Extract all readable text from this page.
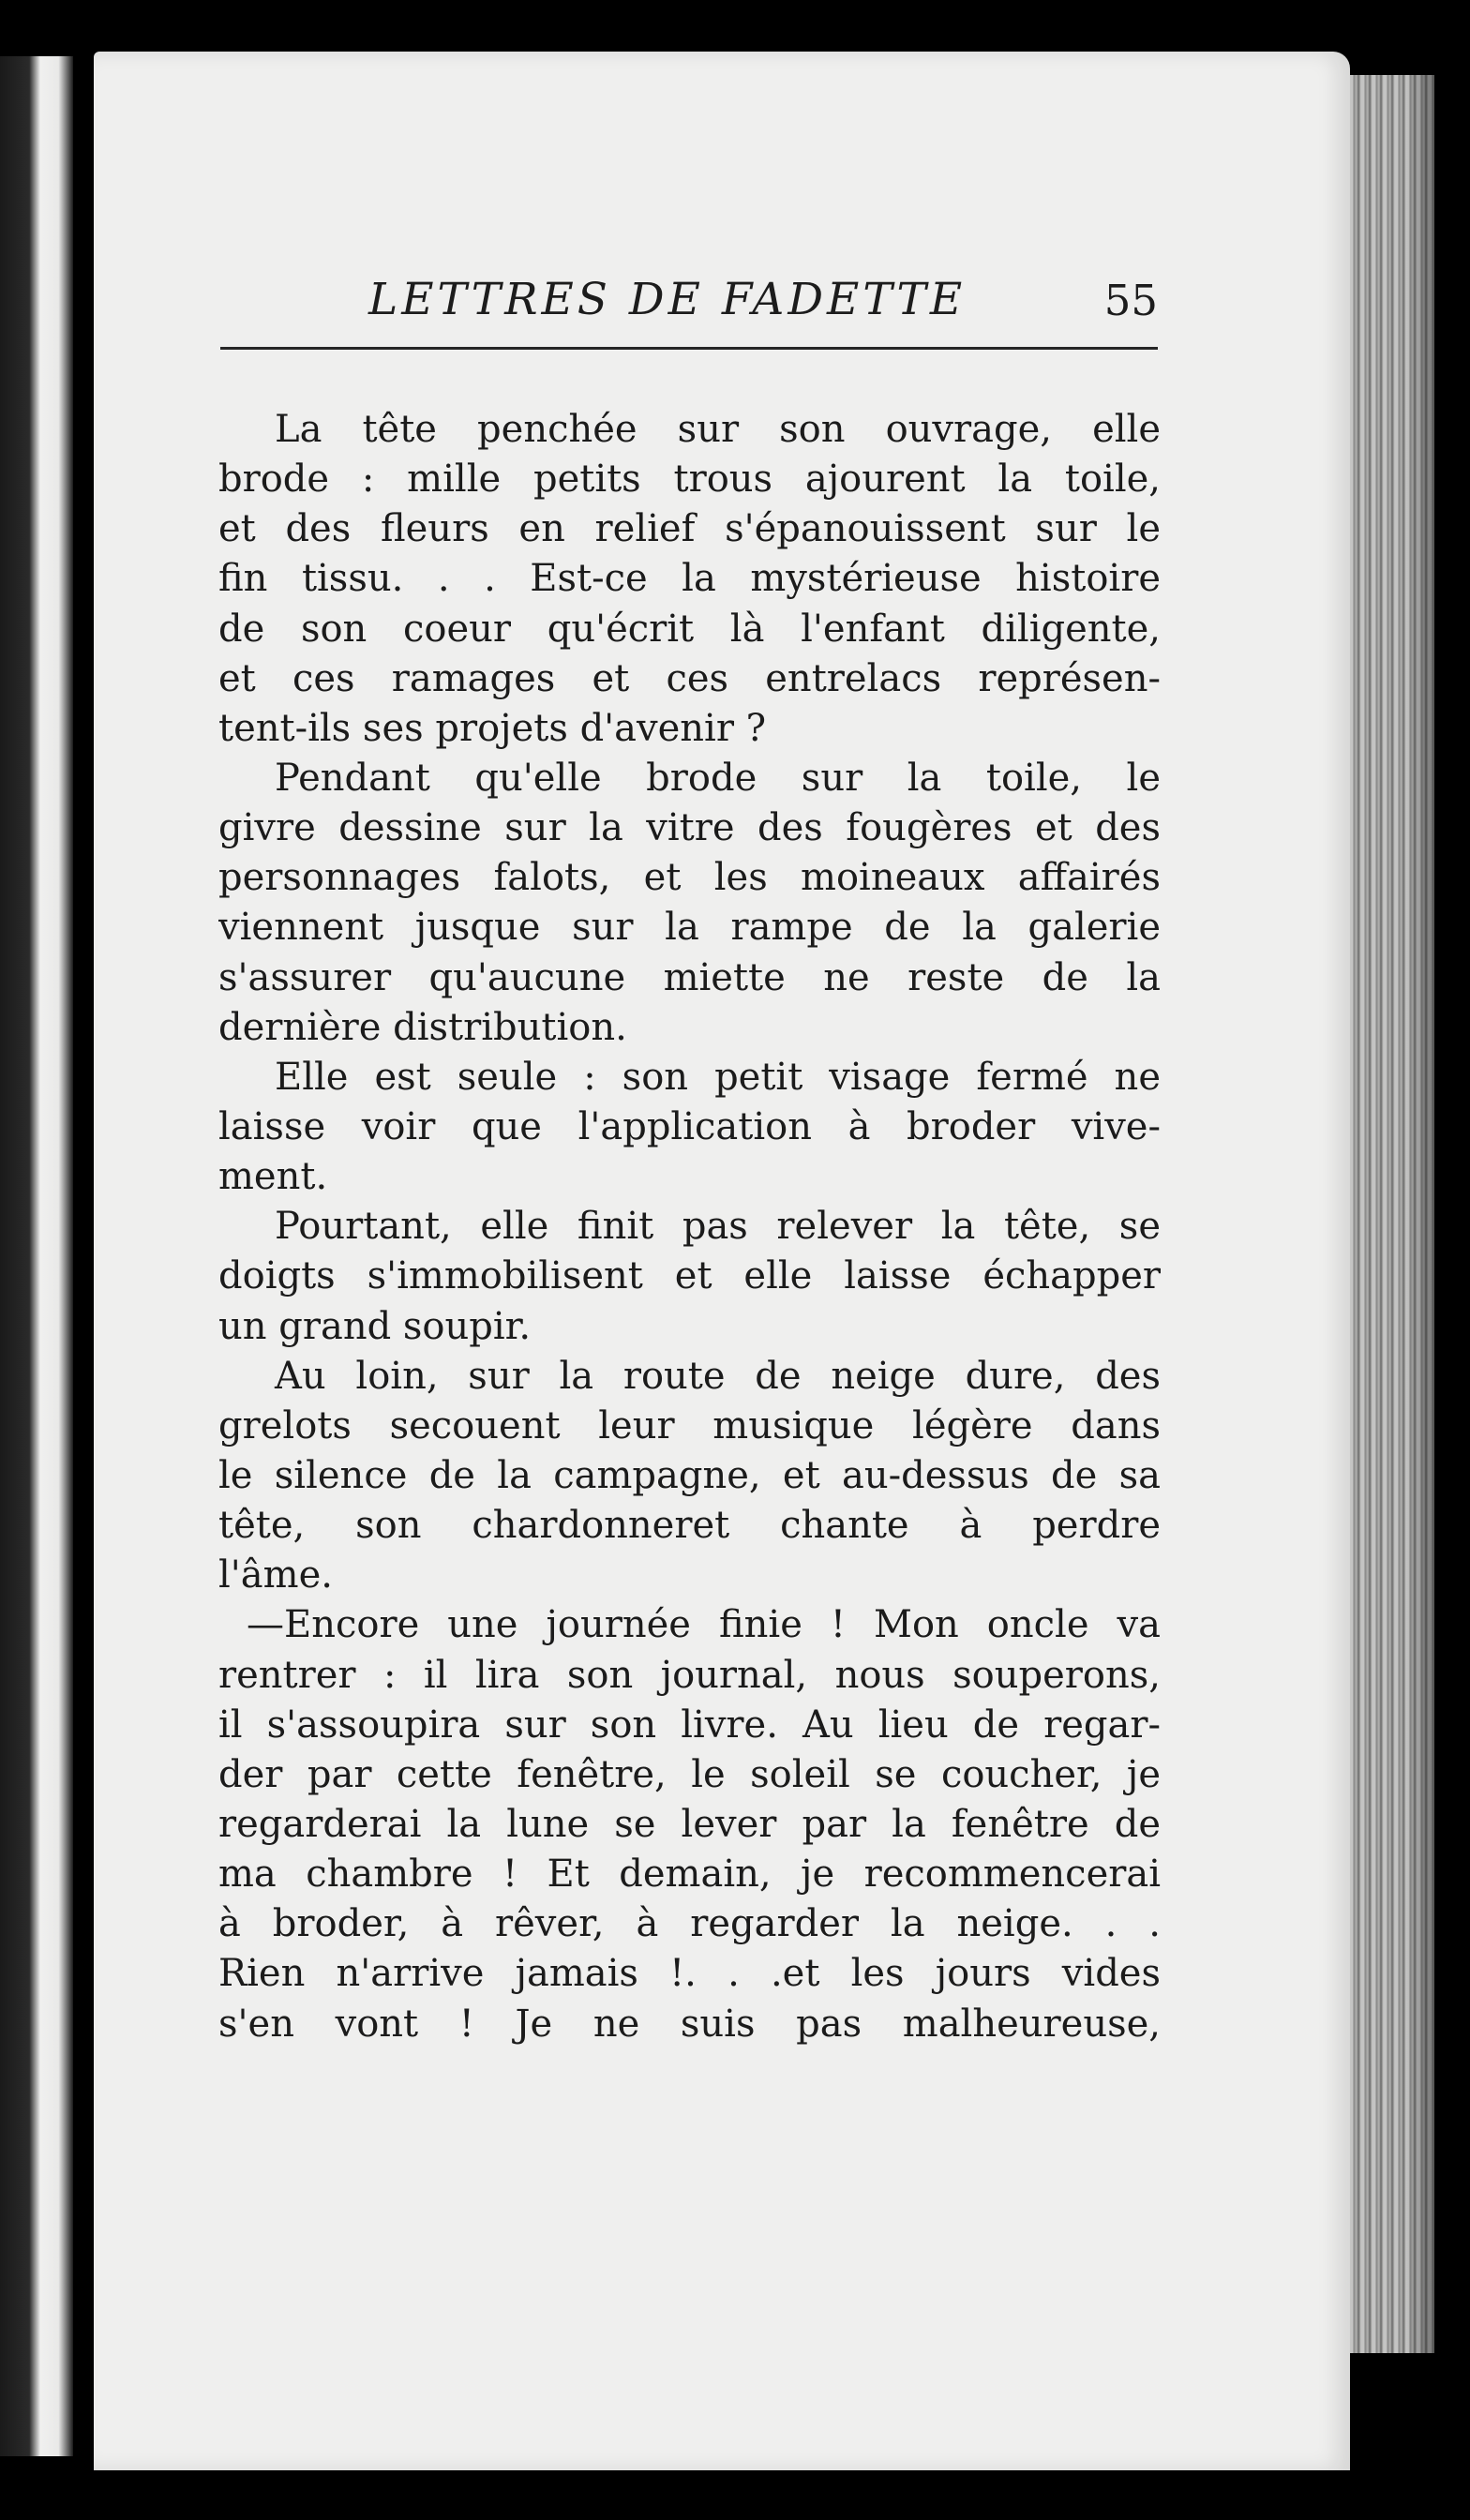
LETTRES DE FADETTE	55
La tête penchée sur son ouvrage, elle
brode : mille petits trous ajourent la toile,
et des fleurs en relief s'épanouissent sur le
fin tissu. . . Est-ce la mystérieuse histoire
de son coeur qu'écrit là l'enfant diligente,
et ces ramages et ces entrelacs représen-
tent-ils ses projets d'avenir ?
Pendant qu'elle brode sur la toile, le
givre dessine sur la vitre des fougères et des
personnages falots, et les moineaux affairés
viennent jusque sur la rampe de la galerie
s'assurer qu'aucune miette ne reste de la
dernière distribution.
Elle est seule : son petit visage fermé ne
laisse voir que l'application à broder vive-
ment.
Pourtant, elle finit pas relever la tête, se
doigts s'immobilisent et elle laisse échapper
un grand soupir.
Au loin, sur la route de neige dure, des
grelots secouent leur musique légère dans
le silence de la campagne, et au-dessus de sa
tête, son chardonneret chante à perdre
l'âme.
—Encore une journée finie ! Mon oncle va
rentrer : il lira son journal, nous souperons,
il s'assoupira sur son livre. Au lieu de regar-
der par cette fenêtre, le soleil se coucher, je
regarderai la lune se lever par la fenêtre de
ma chambre ! Et demain, je recommencerai
à broder, à rêver, à regarder la neige. . .
Rien n'arrive jamais !. . .et les jours vides
s'en vont ! Je ne suis pas malheureuse,
